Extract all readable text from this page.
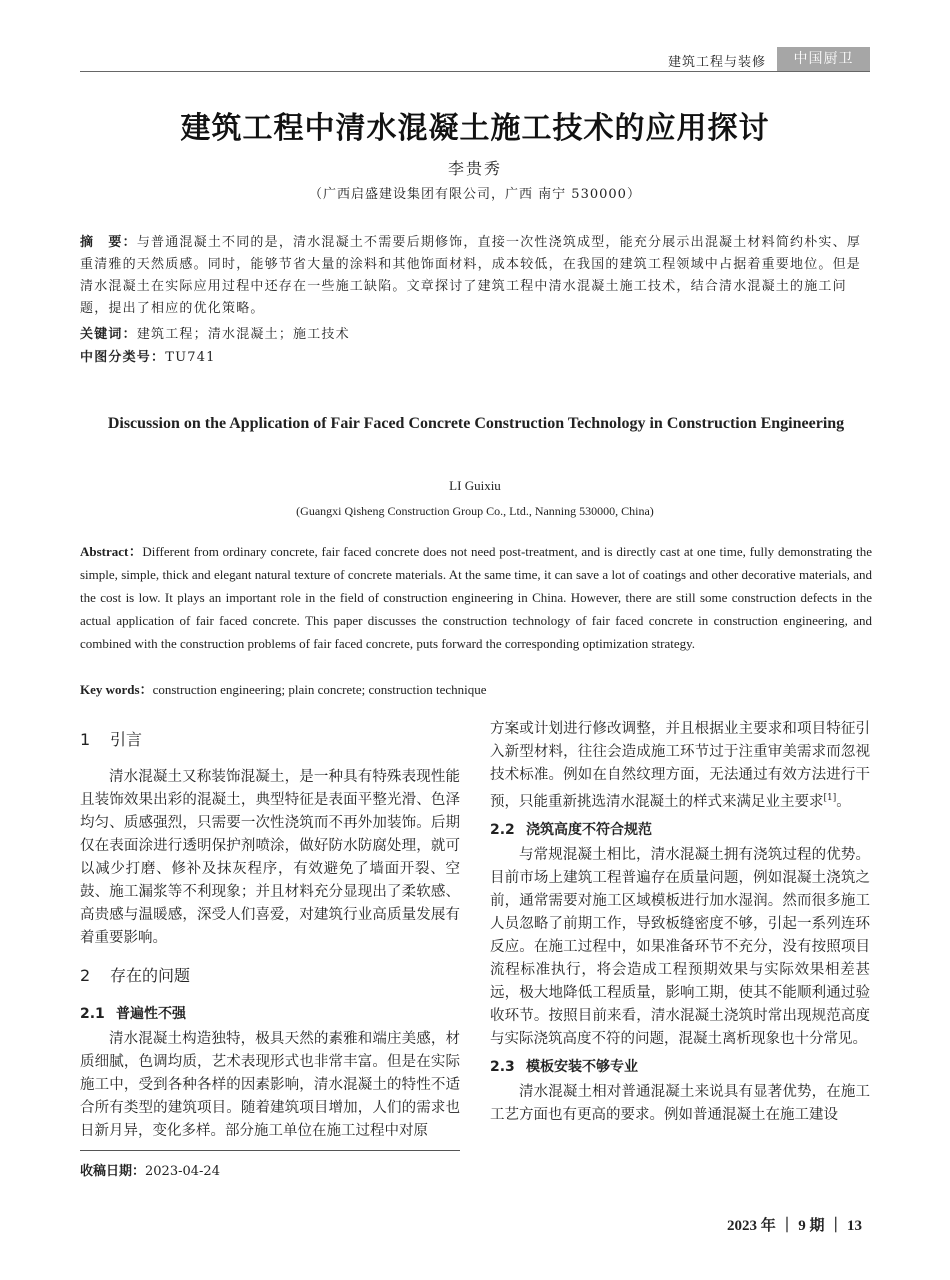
建筑工程与装修	中国厨卫
建筑工程中清水混凝土施工技术的应用探讨
李贵秀
（广西启盛建设集团有限公司，广西 南宁 530000）
摘　要：与普通混凝土不同的是，清水混凝土不需要后期修饰，直接一次性浇筑成型，能充分展示出混凝土材料简约朴实、厚重清雅的天然质感。同时，能够节省大量的涂料和其他饰面材料，成本较低，在我国的建筑工程领域中占据着重要地位。但是清水混凝土在实际应用过程中还存在一些施工缺陷。文章探讨了建筑工程中清水混凝土施工技术，结合清水混凝土的施工问题，提出了相应的优化策略。
关键词：建筑工程；清水混凝土；施工技术
中图分类号：TU741
Discussion on the Application of Fair Faced Concrete Construction Technology in Construction Engineering
LI Guixiu
(Guangxi Qisheng Construction Group Co., Ltd., Nanning 530000, China)
Abstract：Different from ordinary concrete, fair faced concrete does not need post-treatment, and is directly cast at one time, fully demonstrating the simple, simple, thick and elegant natural texture of concrete materials. At the same time, it can save a lot of coatings and other decorative materials, and the cost is low. It plays an important role in the field of construction engineering in China. However, there are still some construction defects in the actual application of fair faced concrete. This paper discusses the construction technology of fair faced concrete in construction engineering, and combined with the construction problems of fair faced concrete, puts forward the corresponding optimization strategy.
Key words：construction engineering; plain concrete; construction technique
1 引言

清水混凝土又称装饰混凝土，是一种具有特殊表现性能且装饰效果出彩的混凝土，典型特征是表面平整光滑、色泽均匀、质感强烈，只需要一次性浇筑而不再外加装饰。后期仅在表面涂进行透明保护剂喷涂，做好防水防腐处理，就可以减少打磨、修补及抹灰程序，有效避免了墙面开裂、空鼓、施工漏浆等不利现象；并且材料充分显现出了柔软感、高贵感与温暖感，深受人们喜爱，对建筑行业高质量发展有着重要影响。

2 存在的问题
2.1 普遍性不强

清水混凝土构造独特，极具天然的素雅和端庄美感，材质细腻，色调均质，艺术表现形式也非常丰富。但是在实际施工中，受到各种各样的因素影响，清水混凝土的特性不适合所有类型的建筑项目。随着建筑项目增加，人们的需求也日新月异，变化多样。部分施工单位在施工过程中对原

方案或计划进行修改调整，并且根据业主要求和项目特征引入新型材料，往往会造成施工环节过于注重审美需求而忽视技术标准。例如在自然纹理方面，无法通过有效方法进行干预，只能重新挑选清水混凝土的样式来满足业主要求[1]。

2.2 浇筑高度不符合规范

与常规混凝土相比，清水混凝土拥有浇筑过程的优势。目前市场上建筑工程普遍存在质量问题，例如混凝土浇筑之前，通常需要对施工区域模板进行加水湿润。然而很多施工人员忽略了前期工作，导致板缝密度不够，引起一系列连环反应。在施工过程中，如果准备环节不充分，没有按照项目流程标准执行，将会造成工程预期效果与实际效果相差甚远，极大地降低工程质量，影响工期，使其不能顺利通过验收环节。按照目前来看，清水混凝土浇筑时常出现规范高度与实际浇筑高度不符的问题，混凝土离析现象也十分常见。

2.3 模板安装不够专业

清水混凝土相对普通混凝土来说具有显著优势，在施工工艺方面也有更高的要求。例如普通混凝土在施工建设

收稿日期：2023-04-24
2023 年 ｜ 9 期 ｜ 13
